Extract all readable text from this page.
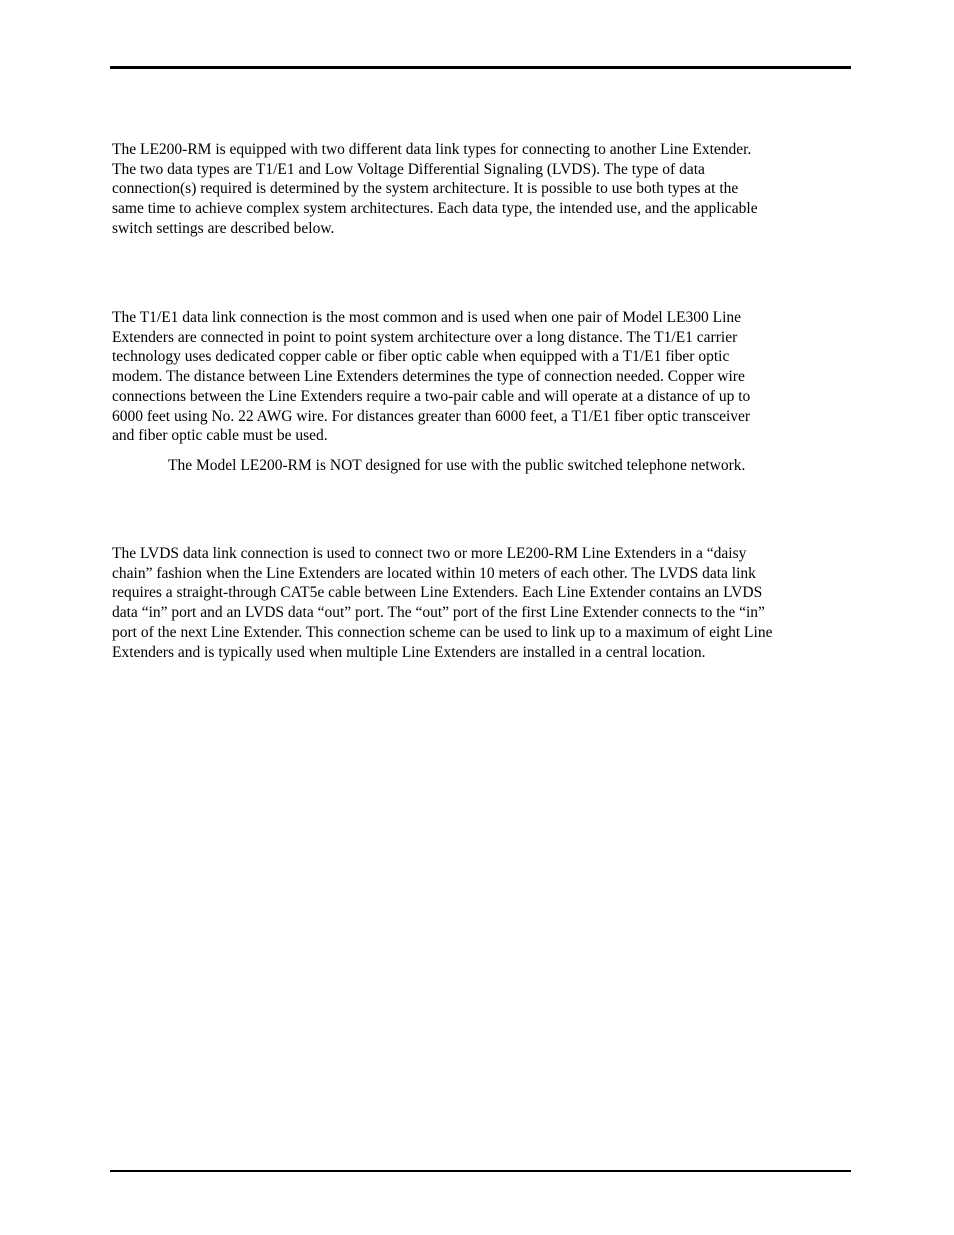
The LE200-RM is equipped with two different data link types for connecting to another Line Extender.
The two data types are T1/E1 and Low Voltage Differential Signaling (LVDS). The type of data
connection(s) required is determined by the system architecture. It is possible to use both types at the
same time to achieve complex system architectures. Each data type, the intended use, and the applicable
switch settings are described below.
The T1/E1 data link connection is the most common and is used when one pair of Model LE300 Line
Extenders are connected in point to point system architecture over a long distance. The T1/E1 carrier
technology uses dedicated copper cable or fiber optic cable when equipped with a T1/E1 fiber optic
modem. The distance between Line Extenders determines the type of connection needed. Copper wire
connections between the Line Extenders require a two-pair cable and will operate at a distance of up to
6000 feet using No. 22 AWG wire. For distances greater than 6000 feet, a T1/E1 fiber optic transceiver
and fiber optic cable must be used.
The Model LE200-RM is NOT designed for use with the public switched telephone network.
The LVDS data link connection is used to connect two or more LE200-RM Line Extenders in a “daisy
chain” fashion when the Line Extenders are located within 10 meters of each other. The LVDS data link
requires a straight-through CAT5e cable between Line Extenders. Each Line Extender contains an LVDS
data “in” port and an LVDS data “out” port. The “out” port of the first Line Extender connects to the “in”
port of the next Line Extender. This connection scheme can be used to link up to a maximum of eight Line
Extenders and is typically used when multiple Line Extenders are installed in a central location.
